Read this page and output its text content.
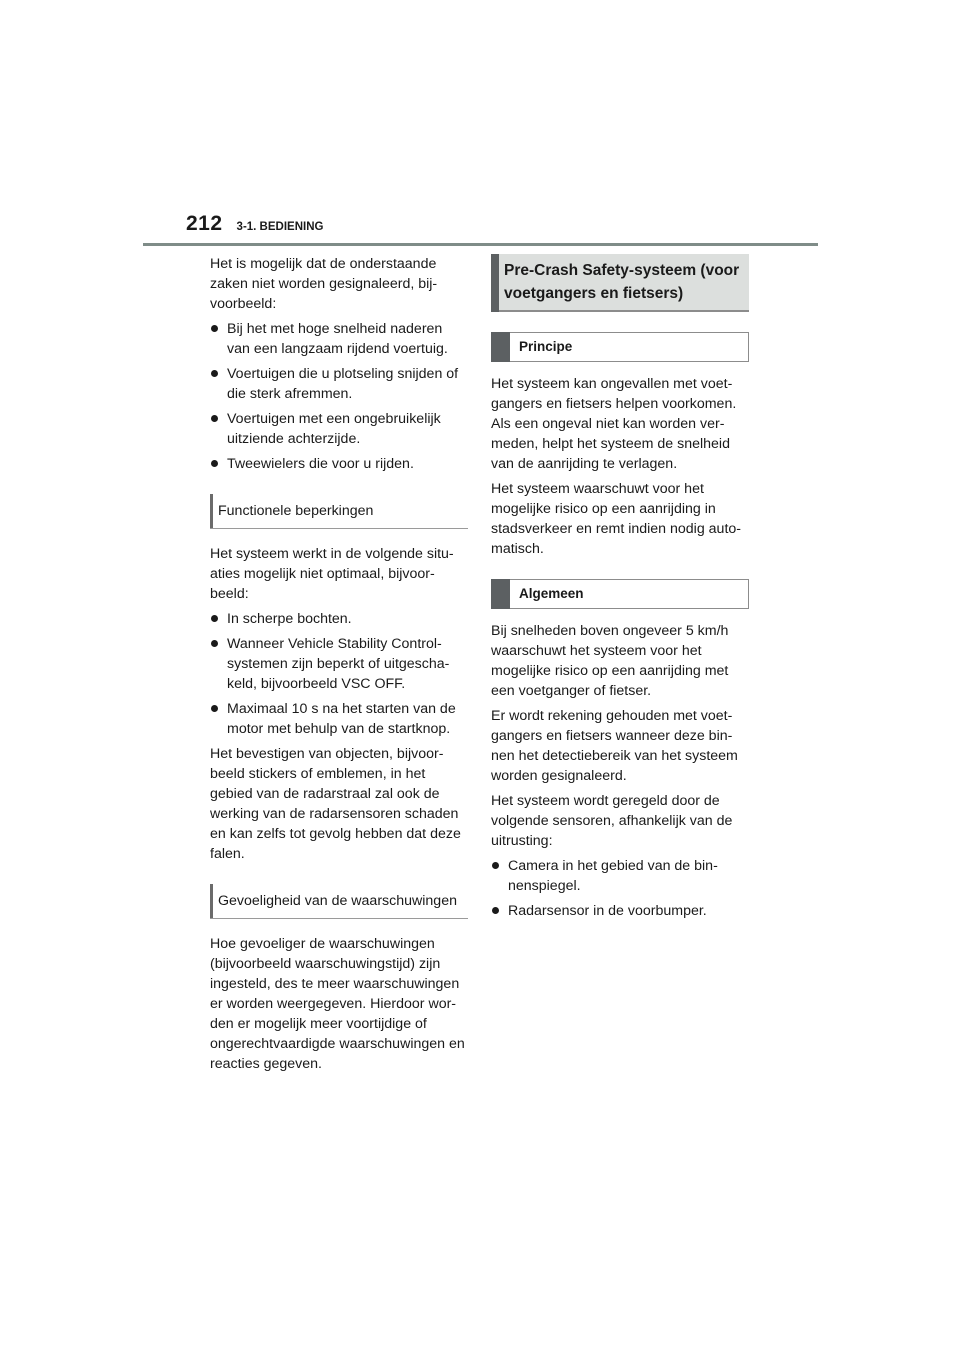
212 3-1. BEDIENING

Het is mogelijk dat de onderstaande zaken niet worden gesignaleerd, bij-voorbeeld:

Bij het met hoge snelheid naderen van een langzaam rijdend voertuig.
Voertuigen die u plotseling snijden of die sterk afremmen.
Voertuigen met een ongebruikelijk uitziende achterzijde.
Tweewielers die voor u rijden.
Functionele beperkingen

Het systeem werkt in de volgende situ-aties mogelijk niet optimaal, bijvoor-beeld:

In scherpe bochten.
Wanneer Vehicle Stability Control-systemen zijn beperkt of uitgescha-keld, bijvoorbeeld VSC OFF.
Maximaal 10 s na het starten van de motor met behulp van de startknop.

Het bevestigen van objecten, bijvoor-beeld stickers of emblemen, in het gebied van de radarstraal zal ook de werking van de radarsensoren schaden en kan zelfs tot gevolg hebben dat deze falen.

Gevoeligheid van de waarschuwingen

Hoe gevoeliger de waarschuwingen (bijvoorbeeld waarschuwingstijd) zijn ingesteld, des te meer waarschuwingen er worden weergegeven. Hierdoor wor-den er mogelijk meer voortijdige of ongerechtvaardigde waarschuwingen en reacties gegeven.

Pre-Crash Safety-systeem (voor voetgangers en fietsers)
Principe

Het systeem kan ongevallen met voet-gangers en fietsers helpen voorkomen. Als een ongeval niet kan worden ver-meden, helpt het systeem de snelheid van de aanrijding te verlagen.

Het systeem waarschuwt voor het mogelijke risico op een aanrijding in stadsverkeer en remt indien nodig auto-matisch.

Algemeen

Bij snelheden boven ongeveer 5 km/h waarschuwt het systeem voor het mogelijke risico op een aanrijding met een voetganger of fietser.

Er wordt rekening gehouden met voet-gangers en fietsers wanneer deze bin-nen het detectiebereik van het systeem worden gesignaleerd.

Het systeem wordt geregeld door de volgende sensoren, afhankelijk van de uitrusting:

Camera in het gebied van de bin-nenspiegel.
Radarsensor in de voorbumper.
